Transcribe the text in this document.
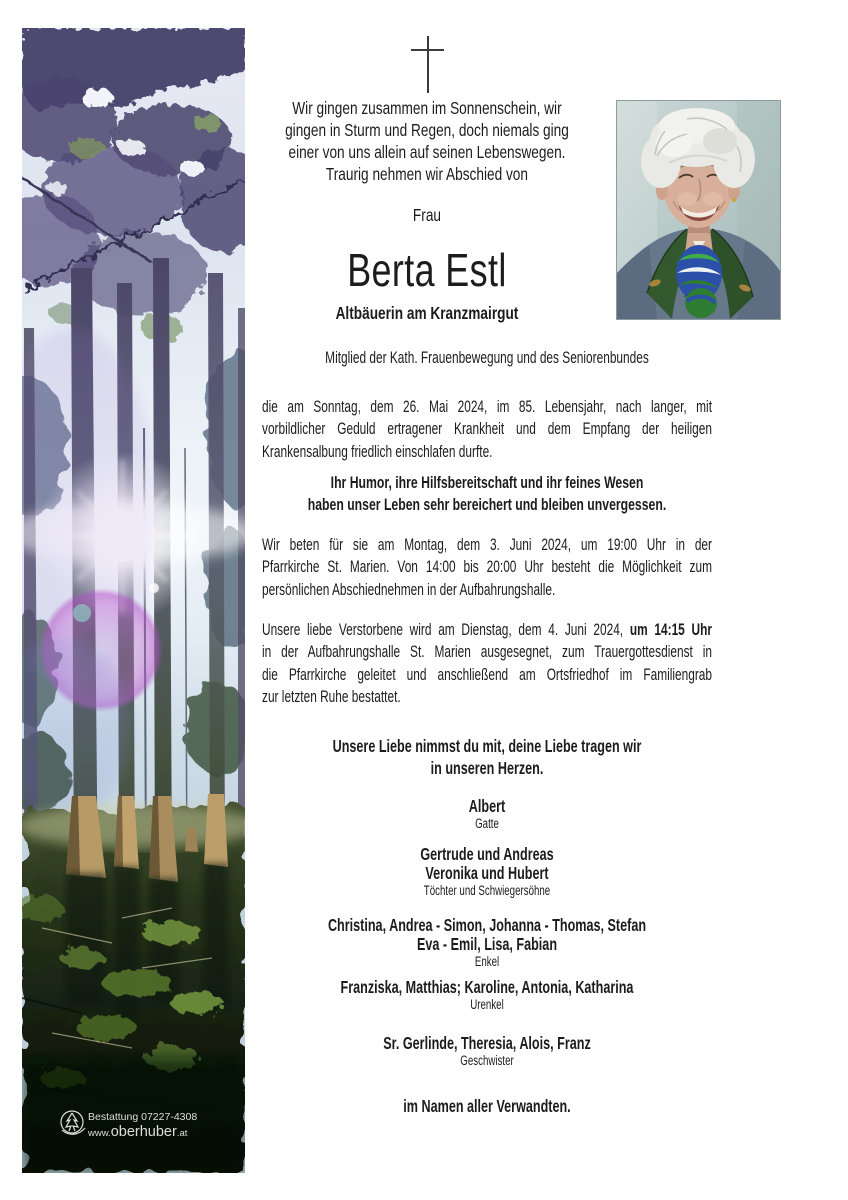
Bestattung 07227-4308
www.oberhuber.at
Wir gingen zusammen im Sonnenschein, wir
gingen in Sturm und Regen, doch niemals ging
einer von uns allein auf seinen Lebenswegen.
Traurig nehmen wir Abschied von
Frau
Berta Estl
Altbäuerin am Kranzmairgut
Mitglied der Kath. Frauenbewegung und des Seniorenbundes
die am Sonntag, dem 26. Mai 2024, im 85. Lebensjahr, nach langer, mit
vorbildlicher Geduld ertragener Krankheit und dem Empfang der heiligen
Krankensalbung friedlich einschlafen durfte.
Ihr Humor, ihre Hilfsbereitschaft und ihr feines Wesen
haben unser Leben sehr bereichert und bleiben unvergessen.
Wir beten für sie am Montag, dem 3. Juni 2024, um 19:00 Uhr in der
Pfarrkirche St. Marien. Von 14:00 bis 20:00 Uhr besteht die Möglichkeit zum
persönlichen Abschiednehmen in der Aufbahrungshalle.
Unsere liebe Verstorbene wird am Dienstag, dem 4. Juni 2024, um 14:15 Uhr
in der Aufbahrungshalle St. Marien ausgesegnet, zum Trauergottesdienst in
die Pfarrkirche geleitet und anschließend am Ortsfriedhof im Familiengrab
zur letzten Ruhe bestattet.
Unsere Liebe nimmst du mit, deine Liebe tragen wir
in unseren Herzen.
Albert
Gatte
Gertrude und Andreas
Veronika und Hubert
Töchter und Schwiegersöhne
Christina, Andrea - Simon, Johanna - Thomas, Stefan
Eva - Emil, Lisa, Fabian
Enkel
Franziska, Matthias; Karoline, Antonia, Katharina
Urenkel
Sr. Gerlinde, Theresia, Alois, Franz
Geschwister
im Namen aller Verwandten.
